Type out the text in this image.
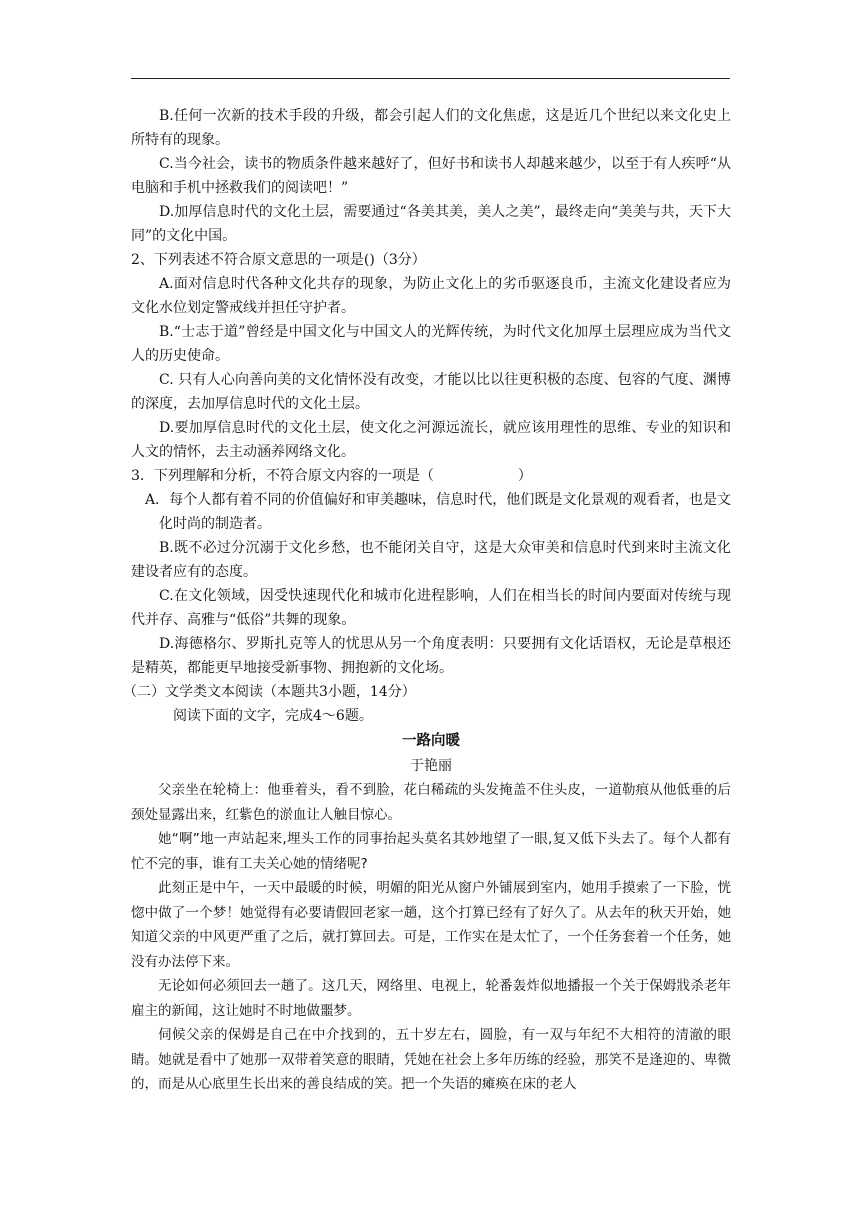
B.任何一次新的技术手段的升级，都会引起人们的文化焦虑，这是近几个世纪以来文化史上所特有的现象。

C.当今社会，读书的物质条件越来越好了，但好书和读书人却越来越少，以至于有人疾呼“从电脑和手机中拯救我们的阅读吧！”

D.加厚信息时代的文化土层，需要通过“各美其美，美人之美”，最终走向“美美与共，天下大同”的文化中国。

2、下列表述不符合原文意思的一项是()（3分）

A.面对信息时代各种文化共存的现象，为防止文化上的劣币驱逐良币，主流文化建设者应为文化水位划定警戒线并担任守护者。

B.“士志于道”曾经是中国文化与中国文人的光辉传统，为时代文化加厚土层理应成为当代文人的历史使命。

C. 只有人心向善向美的文化情怀没有改变，才能以比以往更积极的态度、包容的气度、渊博的深度，去加厚信息时代的文化土层。

D.要加厚信息时代的文化土层，使文化之河源远流长，就应该用理性的思维、专业的知识和人文的情怀，去主动涵养网络文化。

3．下列理解和分析，不符合原文内容的一项是（	）

A．每个人都有着不同的价值偏好和审美趣味，信息时代，他们既是文化景观的观看者，也是文化时尚的制造者。

B.既不必过分沉溺于文化乡愁，也不能闭关自守，这是大众审美和信息时代到来时主流文化建设者应有的态度。

C.在文化领域，因受快速现代化和城市化进程影响，人们在相当长的时间内要面对传统与现代并存、高雅与“低俗”共舞的现象。

D.海德格尔、罗斯扎克等人的忧思从另一个角度表明：只要拥有文化话语权，无论是草根还是精英，都能更早地接受新事物、拥抱新的文化场。

（二）文学类文本阅读（本题共3小题，14分）

阅读下面的文字，完成4～6题。

一路向暖

于艳丽

父亲坐在轮椅上：他垂着头，看不到脸，花白稀疏的头发掩盖不住头皮，一道勒痕从他低垂的后颈处显露出来，红紫色的淤血让人触目惊心。

她“啊”地一声站起来,埋头工作的同事抬起头莫名其妙地望了一眼,复又低下头去了。每个人都有忙不完的事，谁有工夫关心她的情绪呢?

此刻正是中午，一天中最暖的时候，明媚的阳光从窗户外铺展到室内，她用手摸索了一下脸，恍惚中做了一个梦！她觉得有必要请假回老家一趟，这个打算已经有了好久了。从去年的秋天开始，她知道父亲的中风更严重了之后，就打算回去。可是，工作实在是太忙了，一个任务套着一个任务，她没有办法停下来。

无论如何必须回去一趟了。这几天，网络里、电视上，轮番轰炸似地播报一个关于保姆戕杀老年雇主的新闻，这让她时不时地做噩梦。

伺候父亲的保姆是自己在中介找到的，五十岁左右，圆脸，有一双与年纪不大相符的清澈的眼睛。她就是看中了她那一双带着笑意的眼睛，凭她在社会上多年历练的经验，那笑不是逢迎的、卑微的，而是从心底里生长出来的善良结成的笑。把一个失语的瘫痪在床的老人
